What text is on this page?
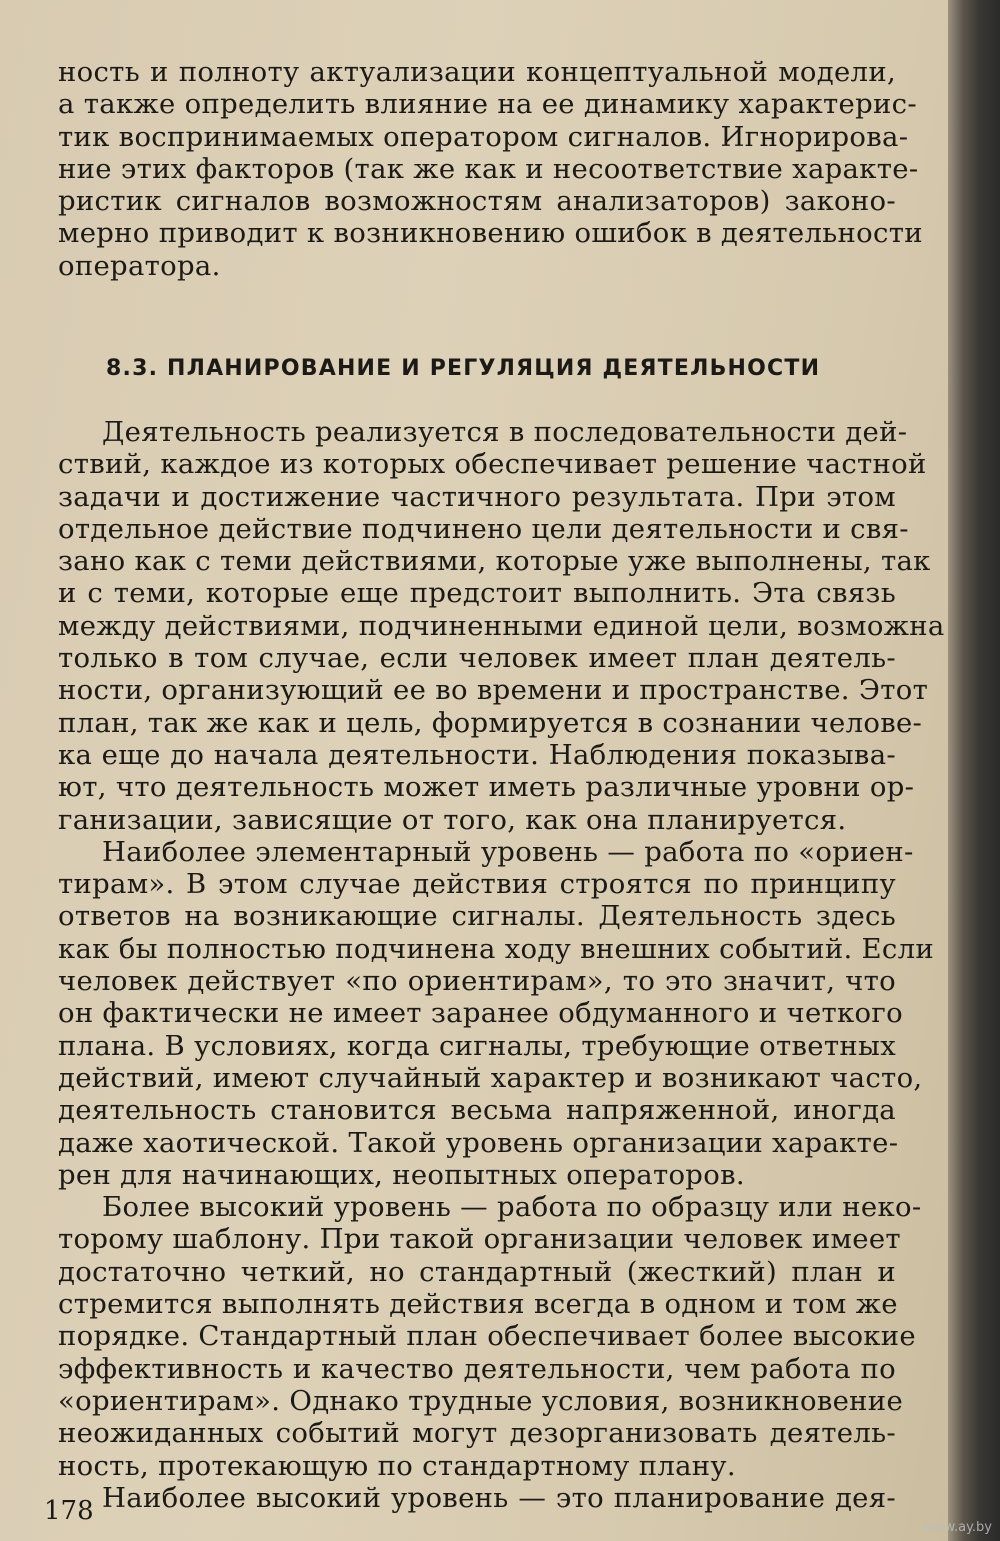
ность и полноту актуализации концептуальной модели,
а также определить влияние на ее динамику характерис-
тик воспринимаемых оператором сигналов. Игнорирова-
ние этих факторов (так же как и несоответствие характе-
ристик сигналов возможностям анализаторов) законо-
мерно приводит к возникновению ошибок в деятельности
оператора.
8.3. ПЛАНИРОВАНИЕ И РЕГУЛЯЦИЯ ДЕЯТЕЛЬНОСТИ
Деятельность реализуется в последовательности дей-
ствий, каждое из которых обеспечивает решение частной
задачи и достижение частичного результата. При этом
отдельное действие подчинено цели деятельности и свя-
зано как с теми действиями, которые уже выполнены, так
и с теми, которые еще предстоит выполнить. Эта связь
между действиями, подчиненными единой цели, возможна
только в том случае, если человек имеет план деятель-
ности, организующий ее во времени и пространстве. Этот
план, так же как и цель, формируется в сознании челове-
ка еще до начала деятельности. Наблюдения показыва-
ют, что деятельность может иметь различные уровни ор-
ганизации, зависящие от того, как она планируется.
Наиболее элементарный уровень — работа по «ориен-
тирам». В этом случае действия строятся по принципу
ответов на возникающие сигналы. Деятельность здесь
как бы полностью подчинена ходу внешних событий. Если
человек действует «по ориентирам», то это значит, что
он фактически не имеет заранее обдуманного и четкого
плана. В условиях, когда сигналы, требующие ответных
действий, имеют случайный характер и возникают часто,
деятельность становится весьма напряженной, иногда
даже хаотической. Такой уровень организации характе-
рен для начинающих, неопытных операторов.
Более высокий уровень — работа по образцу или неко-
торому шаблону. При такой организации человек имеет
достаточно четкий, но стандартный (жесткий) план и
стремится выполнять действия всегда в одном и том же
порядке. Стандартный план обеспечивает более высокие
эффективность и качество деятельности, чем работа по
«ориентирам». Однако трудные условия, возникновение
неожиданных событий могут дезорганизовать деятель-
ность, протекающую по стандартному плану.
Наиболее высокий уровень — это планирование дея-
178
www.ay.by
